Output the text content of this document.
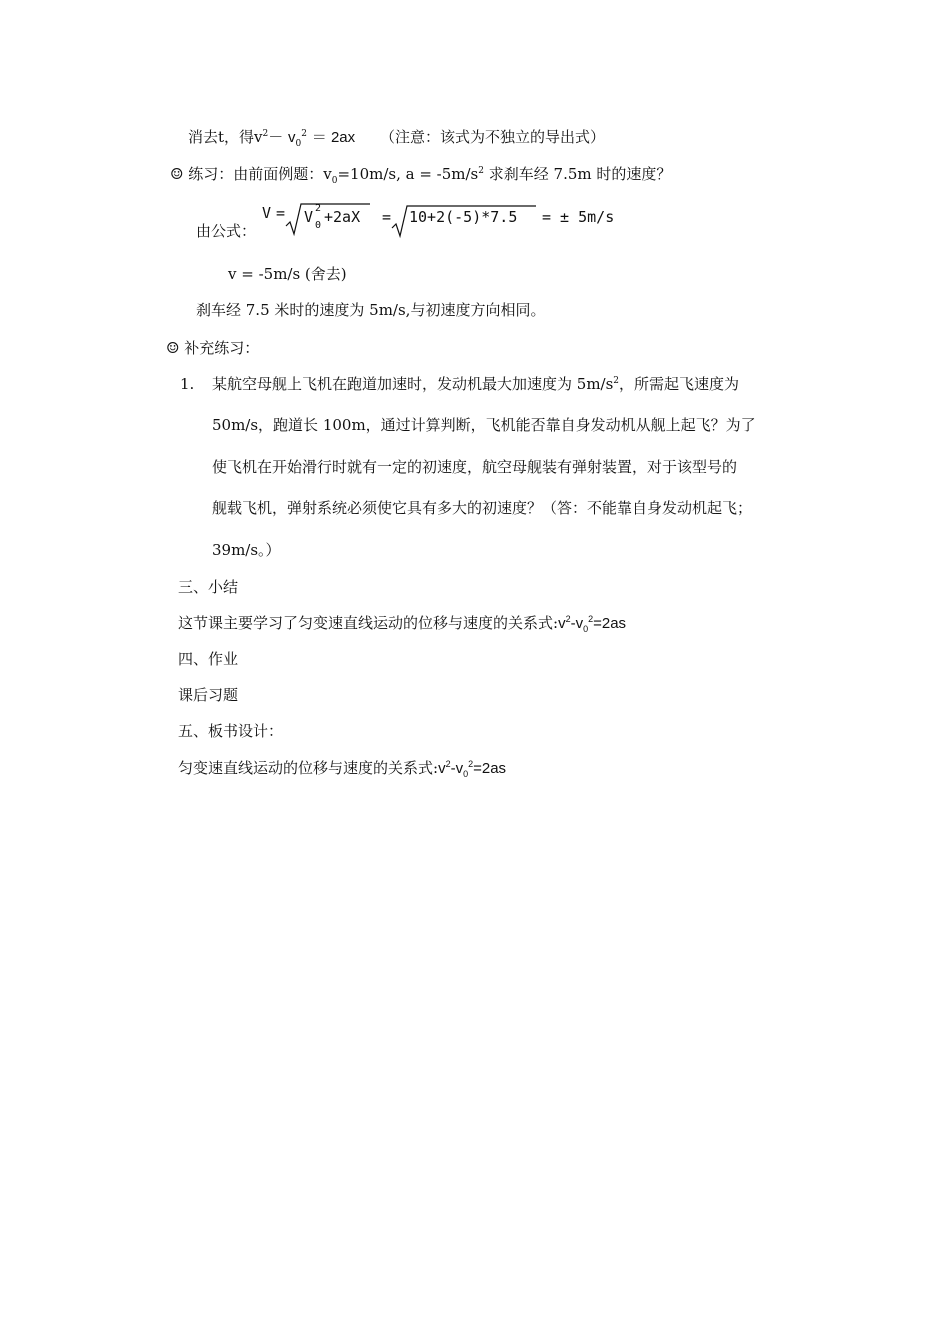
消去t，得$v^2- v_0^2 = 2ax$ （注意：该式为不独立的导出式）
☺ 练习：由前面例题：$v_0=10m/s$, $a = -5m/s^2$ 求刹车经 7.5m 时的速度？
由公式：
V = V 0
2 +2aX = 10+2(-5)*7.5 = ± 5m/s
v = -5m/s (舍去)
刹车经 7.5 米时的速度为 5m/s,与初速度方向相同。
☺ 补充练习：
1. 某航空母舰上飞机在跑道加速时，发动机最大加速度为 $5m/s^2$，所需起飞速度为
50m/s，跑道长 100m，通过计算判断，飞机能否靠自身发动机从舰上起飞？为了
使飞机在开始滑行时就有一定的初速度，航空母舰装有弹射装置，对于该型号的
舰载飞机，弹射系统必须使它具有多大的初速度？（答：不能靠自身发动机起飞；
39m/s。）
三、小结
这节课主要学习了匀变速直线运动的位移与速度的关系式$:v^2-v_0^2=2as$
四、作业
课后习题
五、板书设计：
匀变速直线运动的位移与速度的关系式$:v^2-v_0^2=2as$
